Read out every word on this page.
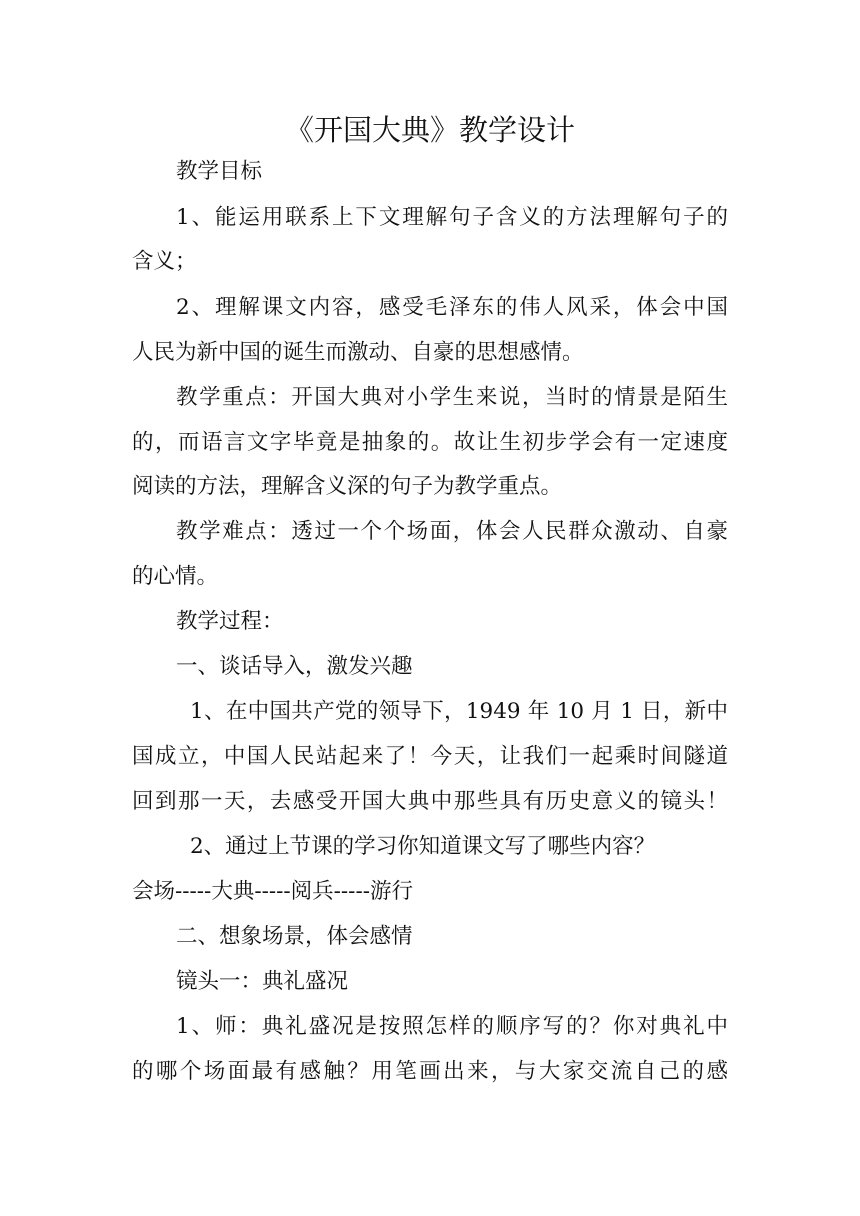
《开国大典》教学设计
教学目标
1、能运用联系上下文理解句子含义的方法理解句子的
含义；
2、理解课文内容，感受毛泽东的伟人风采，体会中国
人民为新中国的诞生而激动、自豪的思想感情。
教学重点：开国大典对小学生来说，当时的情景是陌生
的，而语言文字毕竟是抽象的。故让生初步学会有一定速度
阅读的方法，理解含义深的句子为教学重点。
教学难点：透过一个个场面，体会人民群众激动、自豪
的心情。
教学过程：
一、谈话导入，激发兴趣
1、在中国共产党的领导下，1949 年 10 月 1 日，新中
国成立，中国人民站起来了！今天，让我们一起乘时间隧道
回到那一天，去感受开国大典中那些具有历史意义的镜头！
2、通过上节课的学习你知道课文写了哪些内容？
会场-----大典-----阅兵-----游行
二、想象场景，体会感情
镜头一：典礼盛况
1、师：典礼盛况是按照怎样的顺序写的？你对典礼中
的哪个场面最有感触？用笔画出来，与大家交流自己的感
